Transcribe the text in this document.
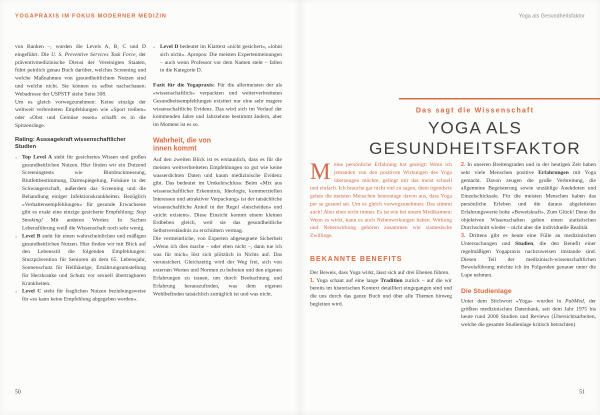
YOGAPRAXIS IM FOKUS MODERNER MEDIZIN

von Banken –, wurden die Levels A, B, C und D eingeführt. Die U. S. Preventive Services Task Force, der präventivmedizinische Dienst der Vereinigten Staaten, führt peinlich genau Buch darüber, welches Screening und welche Maßnahmen von gesundheitlichem Nutzen sind und welche nicht. Sie können es selbst nachschauen: Webadresse der USPSTF siehe Seite 308.

Um es gleich vorwegzunehmen: Keine einzige der weltweit verbreiteten Empfehlungen wie «Sport treiben» oder «Obst und Gemüse essen» schafft es in die Spitzenränge.

Rating: Aussagekraft wissenschaftlicher Studien
▪ Top Level A steht für gesichertes Wissen und großen gesundheitlichen Nutzen. Hier finden wir ein Dutzend Screeningtests wie Blutdruckmessung, Blutfettbestimmung, Darmspiegelung, Folsäure in der Schwangerschaft, außerdem das Screening und die Behandlung einiger Infektionskrankheiten. Bezüglich «Verhaltensempfehlungen» für gesunde Erwachsene gibt es exakt eine einzige gesicherte Empfehlung: Stop Smoking! Mit anderen Worten: In Sachen Lebensführung weiß die Wissenschaft noch sehr wenig.
▪ Level B steht für einen wahrscheinlichen und mäßigen gesundheitlichen Nutzen. Hier finden wir mit Blick auf den Lebensstil die folgenden Empfehlungen: Sturzprävention für Senioren ab dem 65. Lebensjahr, Sonnenschutz für Hellhäutige, Ernährungsumstellung für Herzkranke und Schutz vor sexuell übertragbaren Krankheiten.
▪ Level C steht für fraglichen Nutzen beziehungsweise für «es kann keine Empfehlung abgegeben werden».
▪ Level D bedeutet im Klartext «nicht gesichert», «lohnt sich nicht». Apropos: Die meisten Expertenmeinungen – auch wenn Professor vor dem Namen steht – fallen in die Kategorie D.

Fazit für die Yogapraxis: Für die allermeisten der als «wissenschaftlich» verpackten und weiterverbreiteten Gesundheitsempfehlungen existiert nur eine sehr magere wissenschaftliche Evidenz. Das wird sich im Verlauf der kommenden Jahre und Jahrzehnte bestimmt ändern, aber im Moment ist es so.

Wahrheit, die von
innen kommt

Auf den zweiten Blick ist es erstaunlich, dass es für die meisten weitverbreiteten Empfehlungen so gut wie keine wasserdichten Daten und kaum medizinische Evidenz gibt. Das bedeutet im Umkehrschluss: Beim «Mix aus wissenschaftlicher Erkenntnis, Ideologie, kommerziellen Interessen und attraktiver Verpackung» ist der tatsächliche wissenschaftliche Anteil in der Regel «bescheiden» und «nicht existent». Diese Einsicht kommt einem kleinen Erdbeben gleich, weil sie das gesundheitliche Selbstverständnis zu erschüttern vermag.

Die vermeintliche, von Experten abgesegnete Sicherheit «Wenn ich dies mache – oder eben nicht –, dann tue ich was für mich» löst sich plötzlich in Nichts auf. Das verunsichert. Gleichzeitig wird der Weg frei, sich von externen Werten und Normen zu befreien und den eigenen Erfahrungen zu trauen, um durch Beobachtung und Erfahrung herauszufinden, was dem eigenen Wohlbefinden tatsächlich zuträglich ist und was nicht.

50
Yoga als Gesundheitsfaktor
Das sagt die Wissenschaft
YOGA ALS
GESUNDHEITSFAKTOR

Meine persönliche Erfahrung hat gezeigt: Wenn ich jemanden von den positiven Wirkungen des Yoga überzeugen möchte, gelingt mir das meist schnell und einfach. Ich brauche gar nicht viel zu sagen, denn irgendwie gehen die meisten Menschen heutzutage davon aus, dass Yoga per se gesund sei. Um es gleich vorwegzunehmen: Das stimmt auch! Aber eben nicht immer. Es ist wie bei einem Medikament: Wenn es wirkt, kann es auch Nebenwirkungen haben. Wirkung und Nebenwirkung gehören zusammen wie siamesische Zwillinge.

BEKANNTE BENEFITS

Der Beweis, dass Yoga wirkt, lässt sich auf drei Ebenen führen.

1. Yoga schaut auf eine lange Tradition zurück – auf die wir bereits im historischen Kontext detailliert eingegangen sind und die uns durch das ganze Buch und über alle Themen hinweg begleiten wird.

2. In unseren Breitengraden und in der heutigen Zeit haben sehr viele Menschen positive Erfahrungen mit Yoga gemacht. Davon zeugen die große Verbreitung, die allgemeine Begeisterung sowie unzählige Anekdoten und Einzelschicksale. Für die meisten Menschen haben das persönliche Erleben und die daraus abgeleiteten Erfahrungswerte hohe «Beweiskraft». Zum Glück! Denn die objektiven Wissenschaften geben einen statistischen Durchschnitt wieder – nicht aber die individuelle Realität.

3. Drittens gibt es heute eine Fülle an medizinischen Untersuchungen und Studien, die den Benefit einer regelmäßigen Yogapraxis nachzuweisen imstande sind. Diesen Teil der medizinisch-wissenschaftlichen Beweisführung möchte ich im Folgenden genauer unter die Lupe nehmen.

Die Studienlage

Unter dem Stichwort «Yoga» wurden in PubMed, der größten medizinischen Datenbank, seit dem Jahr 1975 bis heute rund 2000 Studien und Reviews (Übersichtsarbeiten, welche die gesamte Studienlage kritisch betrachten)

51
